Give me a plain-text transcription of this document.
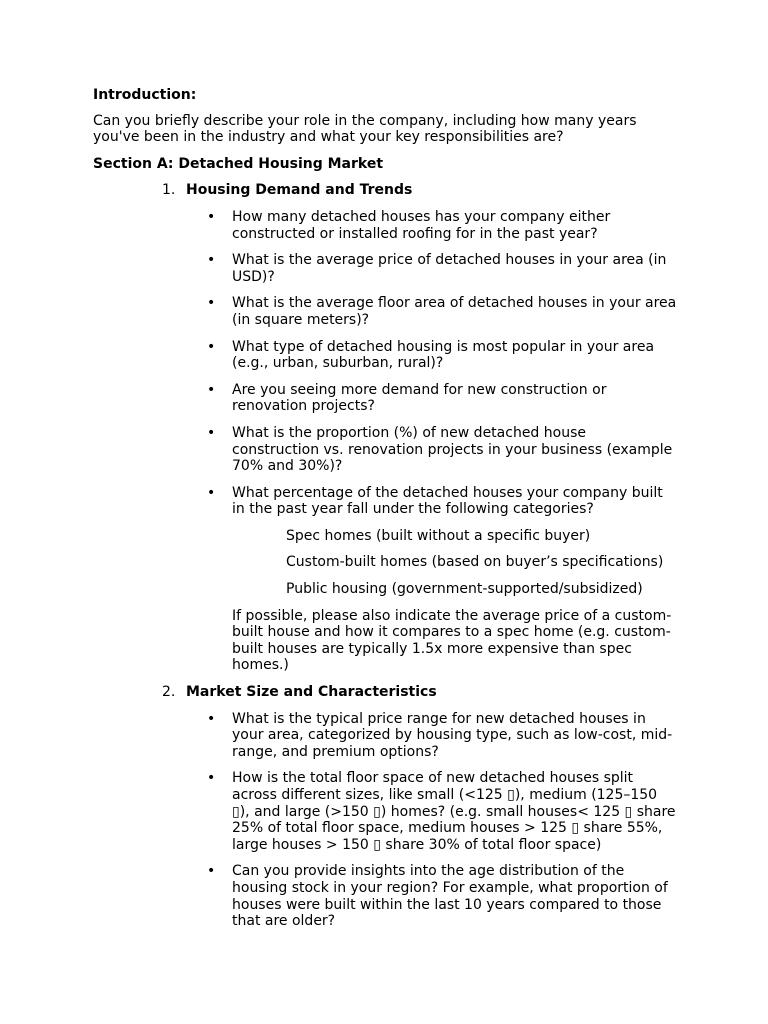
Introduction:
Can you briefly describe your role in the company, including how many years you've been in the industry and what your key responsibilities are?
Section A: Detached Housing Market
1. Housing Demand and Trends
• How many detached houses has your company either constructed or installed roofing for in the past year?
• What is the average price of detached houses in your area (in USD)?
• What is the average floor area of detached houses in your area (in square meters)?
• What type of detached housing is most popular in your area (e.g., urban, suburban, rural)?
• Are you seeing more demand for new construction or renovation projects?
• What is the proportion (%) of new detached house construction vs. renovation projects in your business (example 70% and 30%)?
• What percentage of the detached houses your company built in the past year fall under the following categories?
Spec homes (built without a specific buyer)
Custom-built homes (based on buyer’s specifications)
Public housing (government-supported/subsidized)
If possible, please also indicate the average price of a custom-built house and how it compares to a spec home (e.g. custom-built houses are typically 1.5x more expensive than spec homes.)
2. Market Size and Characteristics
• What is the typical price range for new detached houses in your area, categorized by housing type, such as low-cost, mid-range, and premium options?
• How is the total floor space of new detached houses split across different sizes, like small (<125 ▯), medium (125–150 ▯), and large (>150 ▯) homes? (e.g. small houses< 125 ▯ share 25% of total floor space, medium houses > 125 ▯ share 55%, large houses > 150 ▯ share 30% of total floor space)
• Can you provide insights into the age distribution of the housing stock in your region? For example, what proportion of houses were built within the last 10 years compared to those that are older?
